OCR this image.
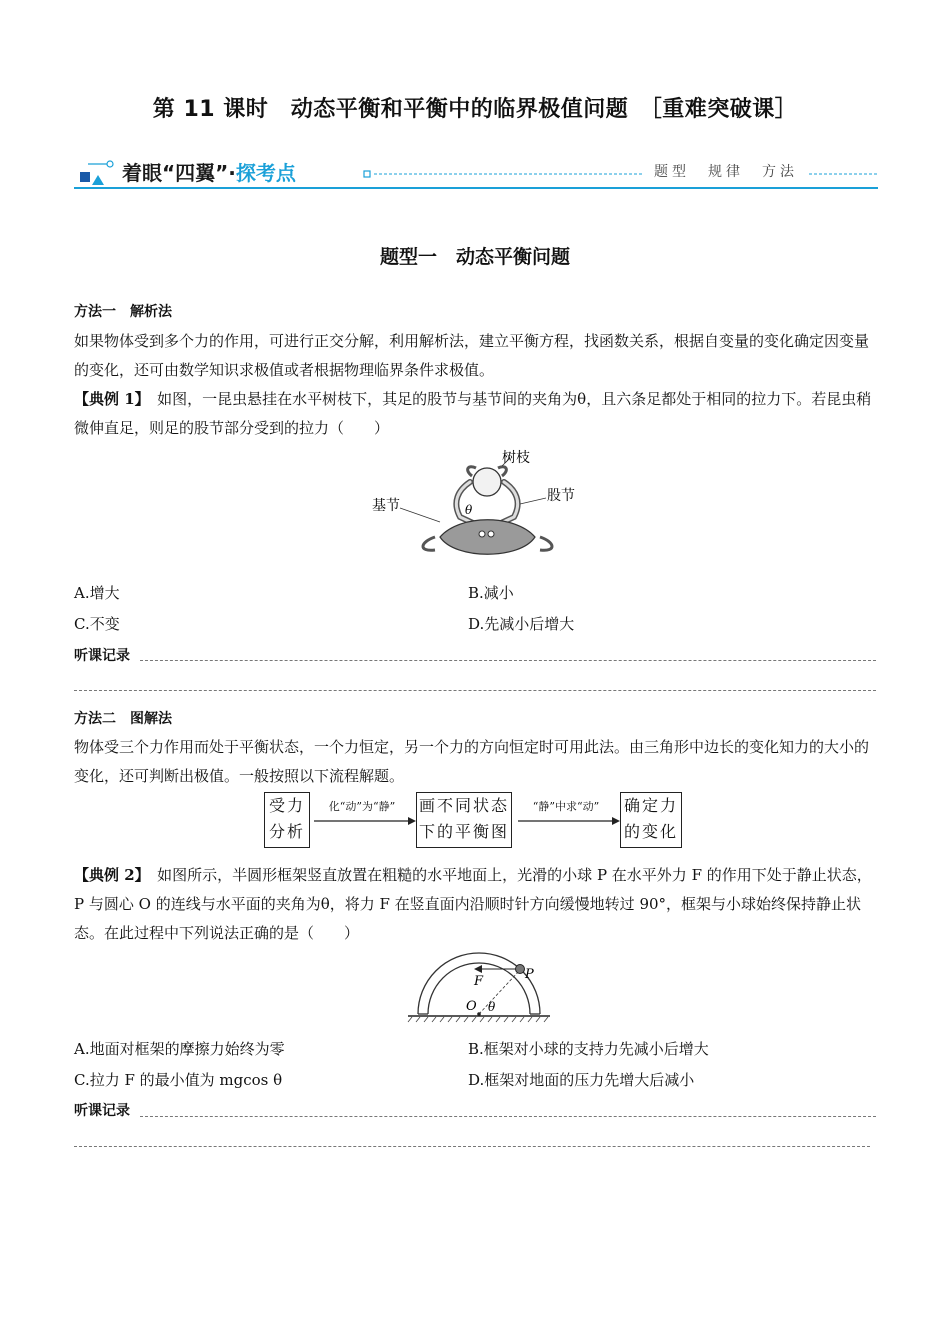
第 11 课时　动态平衡和平衡中的临界极值问题　［重难突破课］
着眼“四翼”·探考点	题型　规律　方法
题型一　动态平衡问题
方法一　解析法
如果物体受到多个力的作用，可进行正交分解，利用解析法，建立平衡方程，找函数关系，根据自变量的变化确定因变量的变化，还可由数学知识求极值或者根据物理临界条件求极值。
【典例 1】　如图，一昆虫悬挂在水平树枝下，其足的股节与基节间的夹角为θ，且六条足都处于相同的拉力下。若昆虫稍微伸直足，则足的股节部分受到的拉力（　　）
树枝
股节
基节	θ
A.增大	B.减小
C.不变	D.先减小后增大
听课记录
方法二　图解法
物体受三个力作用而处于平衡状态，一个力恒定，另一个力的方向恒定时可用此法。由三角形中边长的变化知力的大小的变化，还可判断出极值。一般按照以下流程解题。
受力
分析
化“动”为“静”	画不同状态
下的平衡图
“静”中求“动”	确定力
的变化
【典例 2】　如图所示，半圆形框架竖直放置在粗糙的水平地面上，光滑的小球 P 在水平外力 F 的作用下处于静止状态，P 与圆心 O 的连线与水平面的夹角为θ，将力 F 在竖直面内沿顺时针方向缓慢地转过 90°，框架与小球始终保持静止状态。在此过程中下列说法正确的是（　　）
P
F
O θ
A.地面对框架的摩擦力始终为零	B.框架对小球的支持力先减小后增大
C.拉力 F 的最小值为 mgcos θ	D.框架对地面的压力先增大后减小
听课记录
